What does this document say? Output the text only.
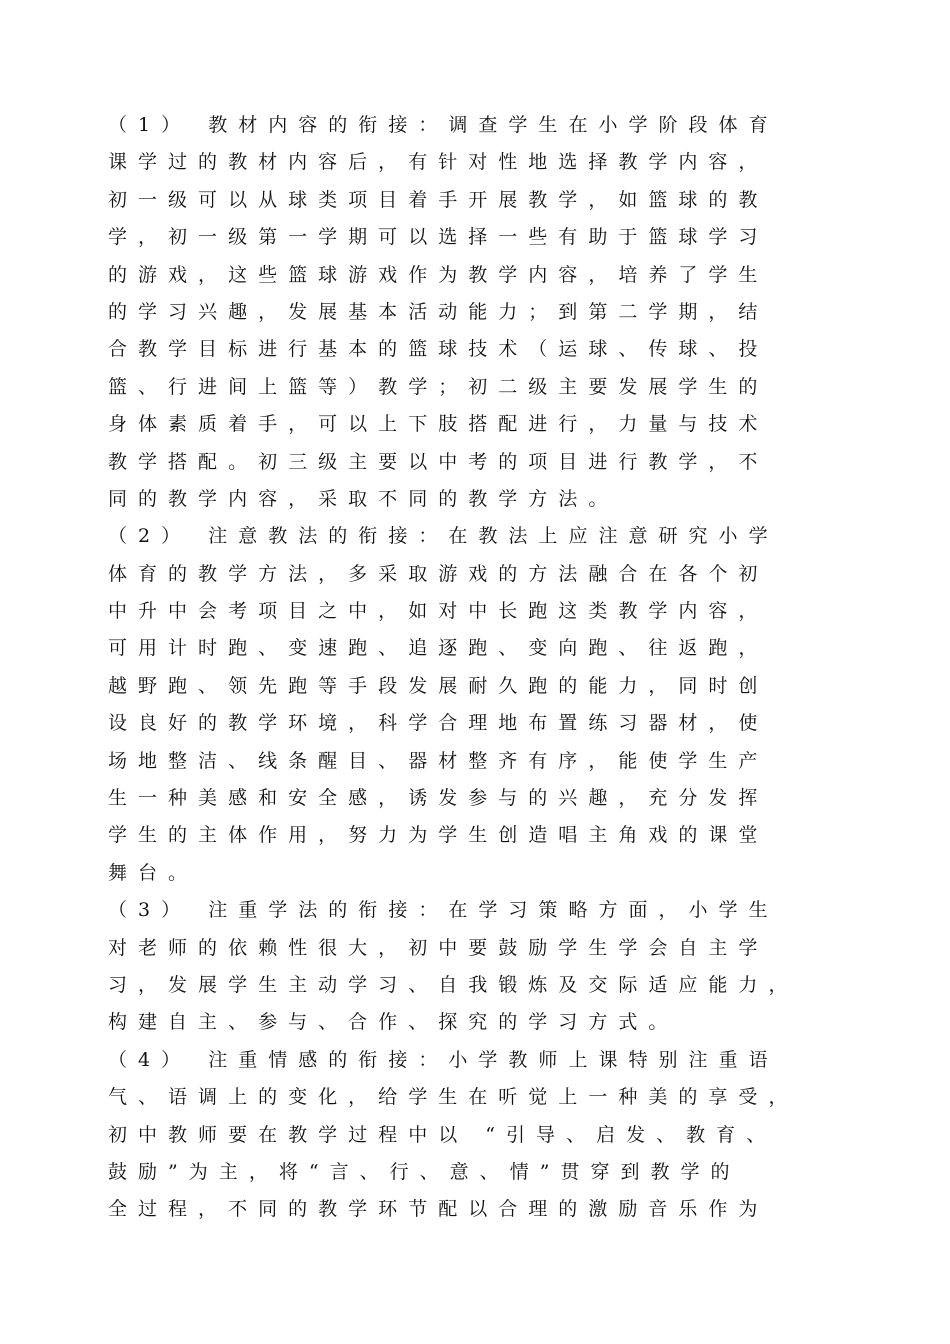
（1） 教材内容的衔接：调查学生在小学阶段体育
课学过的教材内容后，有针对性地选择教学内容，
初一级可以从球类项目着手开展教学，如篮球的教
学，初一级第一学期可以选择一些有助于篮球学习
的游戏，这些篮球游戏作为教学内容，培养了学生
的学习兴趣，发展基本活动能力；到第二学期，结
合教学目标进行基本的篮球技术（运球、传球、投
篮、行进间上篮等）教学；初二级主要发展学生的
身体素质着手，可以上下肢搭配进行，力量与技术
教学搭配。初三级主要以中考的项目进行教学，不
同的教学内容，采取不同的教学方法。
（2） 注意教法的衔接：在教法上应注意研究小学
体育的教学方法，多采取游戏的方法融合在各个初
中升中会考项目之中，如对中长跑这类教学内容，
可用计时跑、变速跑、追逐跑、变向跑、往返跑，
越野跑、领先跑等手段发展耐久跑的能力，同时创
设良好的教学环境，科学合理地布置练习器材，使
场地整洁、线条醒目、器材整齐有序，能使学生产
生一种美感和安全感，诱发参与的兴趣，充分发挥
学生的主体作用，努力为学生创造唱主角戏的课堂
舞台。
（3） 注重学法的衔接：在学习策略方面，小学生
对老师的依赖性很大，初中要鼓励学生学会自主学
习，发展学生主动学习、自我锻炼及交际适应能力，
构建自主、参与、合作、探究的学习方式。
（4） 注重情感的衔接：小学教师上课特别注重语
气、语调上的变化，给学生在听觉上一种美的享受，
初中教师要在教学过程中以 “引导、启发、教育、
鼓励”为主，将“言、行、意、情”贯穿到教学的
全过程，不同的教学环节配以合理的激励音乐作为
